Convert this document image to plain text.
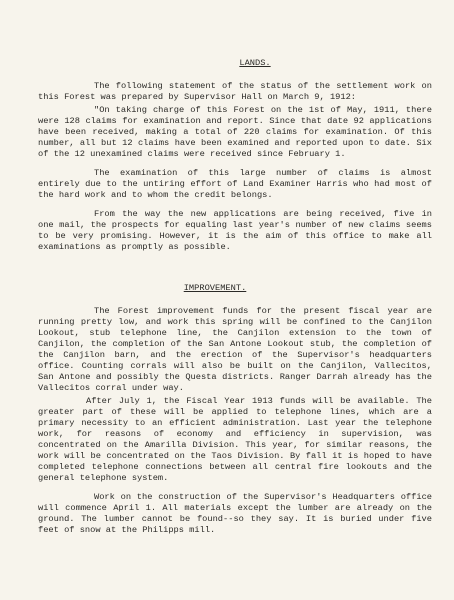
LANDS.

The following statement of the status of the settlement work on this Forest was prepared by Supervisor Hall on March 9, 1912:

"On taking charge of this Forest on the 1st of May, 1911, there were 128 claims for examination and report. Since that date 92 applications have been received, making a total of 220 claims for examination. Of this number, all but 12 claims have been examined and reported upon to date. Six of the 12 unexamined claims were received since February 1.

The examination of this large number of claims is almost entirely due to the untiring effort of Land Examiner Harris who had most of the hard work and to whom the credit belongs.

From the way the new applications are being received, five in one mail, the prospects for equaling last year's number of new claims seems to be very promising. However, it is the aim of this office to make all examinations as promptly as possible.

IMPROVEMENT.

The Forest improvement funds for the present fiscal year are running pretty low, and work this spring will be confined to the Canjilon Lookout, stub telephone line, the Canjilon extension to the town of Canjilon, the completion of the San Antone Lookout stub, the completion of the Canjilon barn, and the erection of the Supervisor's headquarters office. Counting corrals will also be built on the Canjilon, Vallecitos, San Antone and possibly the Questa districts. Ranger Darrah already has the Vallecitos corral under way.

After July 1, the Fiscal Year 1913 funds will be available. The greater part of these will be applied to telephone lines, which are a primary necessity to an efficient administration. Last year the telephone work, for reasons of economy and efficiency in supervision, was concentrated on the Amarilla Division. This year, for similar reasons, the work will be concentrated on the Taos Division. By fall it is hoped to have completed telephone connections between all central fire lookouts and the general telephone system.

Work on the construction of the Supervisor's Headquarters office will commence April 1. All materials except the lumber are already on the ground. The lumber cannot be found--so they say. It is buried under five feet of snow at the Philipps mill.
